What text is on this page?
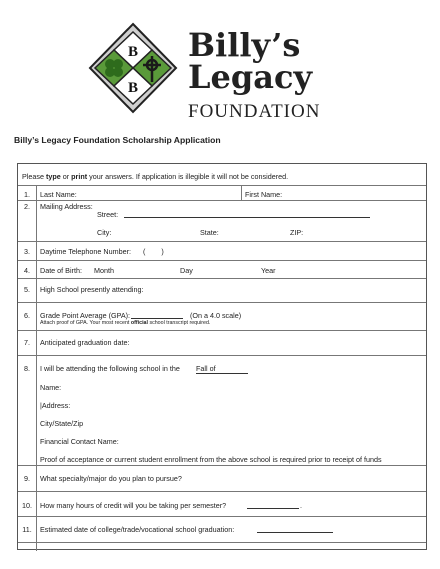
B
B
Billy’s
Legacy
FOUNDATION
Billy’s Legacy Foundation Scholarship Application
Please type or print your answers. If application is illegible it will not be considered.
1.	Last Name:	First Name:
2.	Mailing Address:
Street:
City:	State:	ZIP:
3.	Daytime Telephone Number: (        )
4.	Date of Birth: Month	Day	Year
5.	High School presently attending:
6.	Grade Point Average (GPA):	(On a 4.0 scale)
Attach proof of GPA. Your most recent official school transcript required.
7.	Anticipated graduation date:
8.	I will be attending the following school in the Fall of
Name:
|Address:
City/State/Zip
Financial Contact Name:
Proof of acceptance or current student enrollment from the above school is required prior to receipt of funds
9.	What specialty/major do you plan to pursue?
10.	How many hours of credit will you be taking per semester?	.
11.	Estimated date of college/trade/vocational school graduation:
